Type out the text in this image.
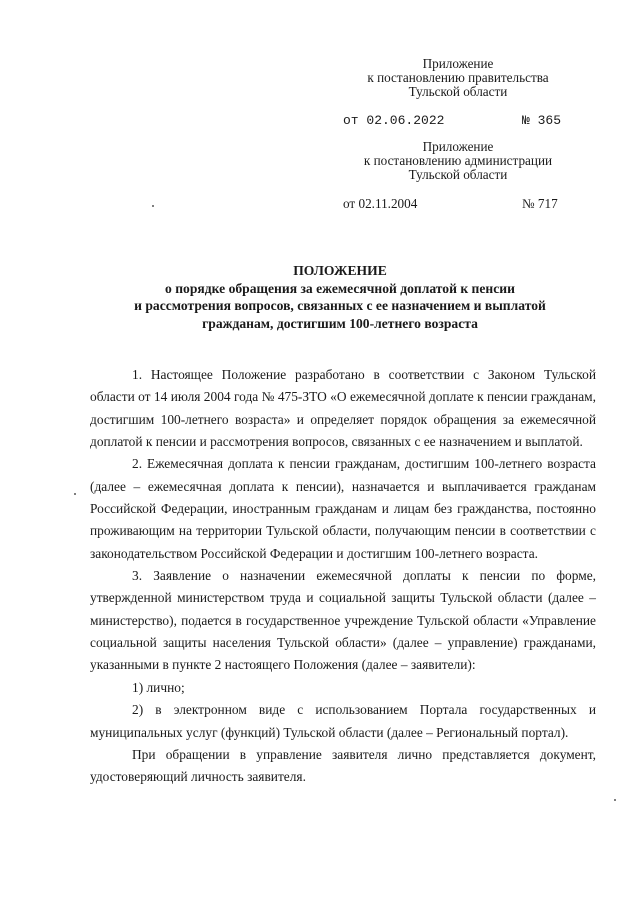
Приложение
к постановлению правительства
Тульской области
от 02.06.2022	№ 365
Приложение
к постановлению администрации
Тульской области
от 02.11.2004	№ 717
ПОЛОЖЕНИЕ
о порядке обращения за ежемесячной доплатой к пенсии
и рассмотрения вопросов, связанных с ее назначением и выплатой
гражданам, достигшим 100-летнего возраста

1. Настоящее Положение разработано в соответствии с Законом Тульской области от 14 июля 2004 года № 475-ЗТО «О ежемесячной доплате к пенсии гражданам, достигшим 100-летнего возраста» и определяет порядок обращения за ежемесячной доплатой к пенсии и рассмотрения вопросов, связанных с ее назначением и выплатой.

2. Ежемесячная доплата к пенсии гражданам, достигшим 100-летнего возраста (далее – ежемесячная доплата к пенсии), назначается и выплачивается гражданам Российской Федерации, иностранным гражданам и лицам без гражданства, постоянно проживающим на территории Тульской области, получающим пенсии в соответствии с законодательством Российской Федерации и достигшим 100-летнего возраста.

3. Заявление о назначении ежемесячной доплаты к пенсии по форме, утвержденной министерством труда и социальной защиты Тульской области (далее – министерство), подается в государственное учреждение Тульской области «Управление социальной защиты населения Тульской области» (далее – управление) гражданами, указанными в пункте 2 настоящего Положения (далее – заявители):

1) лично;

2) в электронном виде с использованием Портала государственных и муниципальных услуг (функций) Тульской области (далее – Региональный портал).

При обращении в управление заявителя лично представляется документ, удостоверяющий личность заявителя.
